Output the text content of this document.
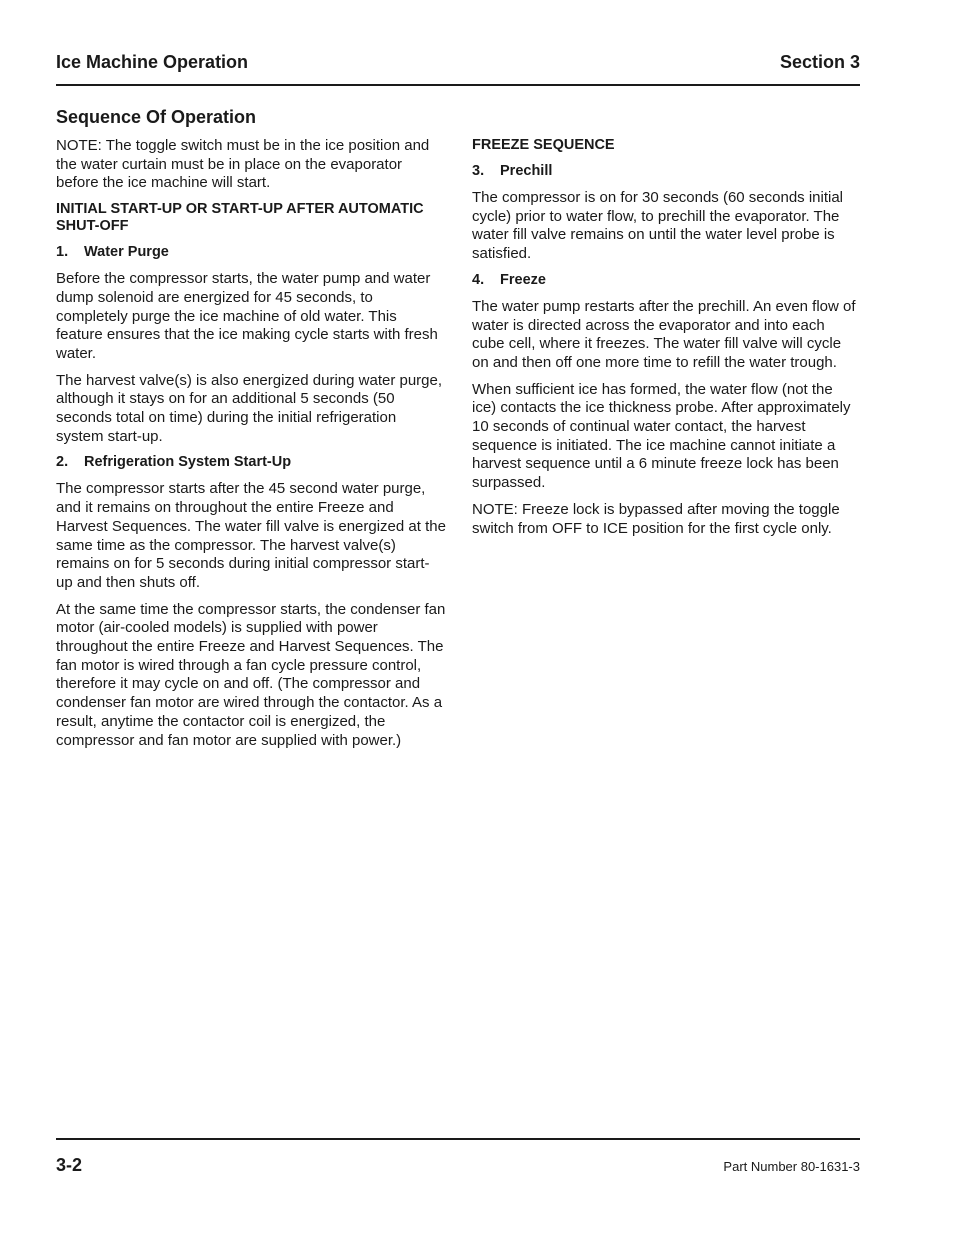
Ice Machine Operation	Section 3
Sequence Of Operation

NOTE: The toggle switch must be in the ice position and the water curtain must be in place on the evaporator before the ice machine will start.

INITIAL START-UP OR START-UP AFTER AUTOMATIC SHUT-OFF
1.	Water Purge

Before the compressor starts, the water pump and water dump solenoid are energized for 45 seconds, to completely purge the ice machine of old water. This feature ensures that the ice making cycle starts with fresh water.

The harvest valve(s) is also energized during water purge, although it stays on for an additional 5 seconds (50 seconds total on time) during the initial refrigeration system start-up.

2.	Refrigeration System Start-Up

The compressor starts after the 45 second water purge, and it remains on throughout the entire Freeze and Harvest Sequences. The water fill valve is energized at the same time as the compressor. The harvest valve(s) remains on for 5 seconds during initial compressor start-up and then shuts off.

At the same time the compressor starts, the condenser fan motor (air-cooled models) is supplied with power throughout the entire Freeze and Harvest Sequences. The fan motor is wired through a fan cycle pressure control, therefore it may cycle on and off. (The compressor and condenser fan motor are wired through the contactor. As a result, anytime the contactor coil is energized, the compressor and fan motor are supplied with power.)

FREEZE SEQUENCE
3.	Prechill

The compressor is on for 30 seconds (60 seconds initial cycle) prior to water flow, to prechill the evaporator. The water fill valve remains on until the water level probe is satisfied.

4.	Freeze

The water pump restarts after the prechill. An even flow of water is directed across the evaporator and into each cube cell, where it freezes. The water fill valve will cycle on and then off one more time to refill the water trough.

When sufficient ice has formed, the water flow (not the ice) contacts the ice thickness probe. After approximately 10 seconds of continual water contact, the harvest sequence is initiated. The ice machine cannot initiate a harvest sequence until a 6 minute freeze lock has been surpassed.

NOTE: Freeze lock is bypassed after moving the toggle switch from OFF to ICE position for the first cycle only.

3-2	Part Number 80-1631-3
